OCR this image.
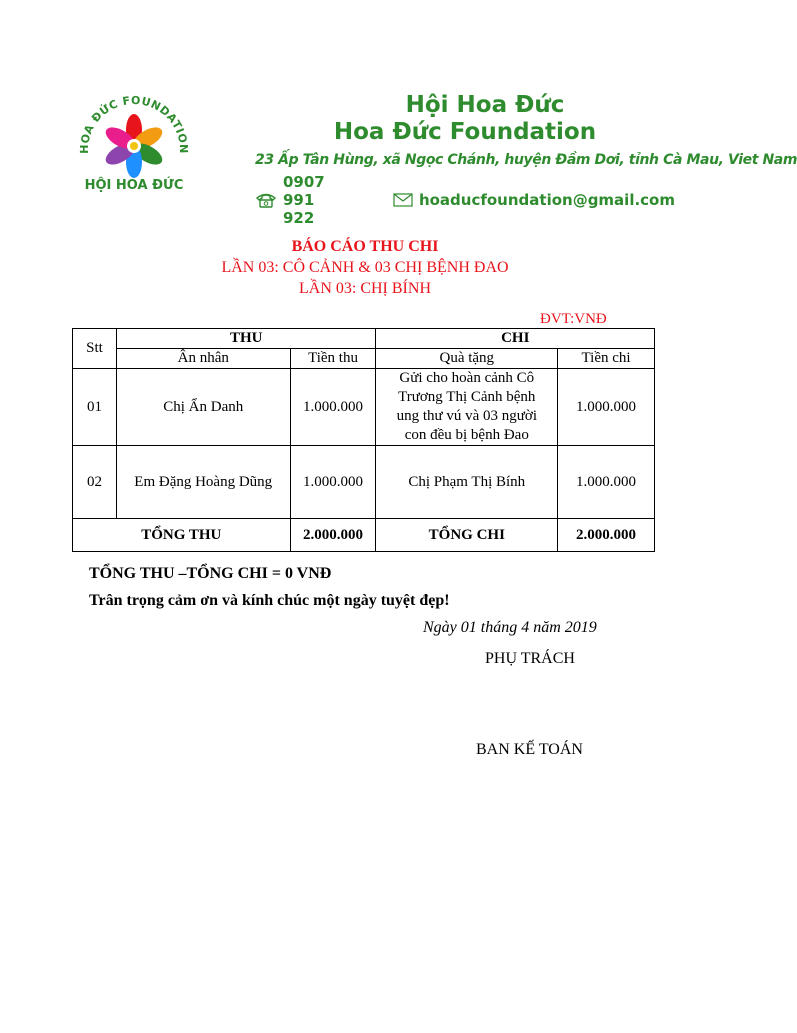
HOA ĐỨC FOUNDATION
HỘI HOA ĐỨC
Hội Hoa Đức
Hoa Đức Foundation
23 Ấp Tân Hùng, xã Ngọc Chánh, huyện Đầm Dơi, tỉnh Cà Mau, Viet Nam
0907 991 922
hoaducfoundation@gmail.com
BÁO CÁO THU CHI
LẦN 03: CÔ CẢNH & 03 CHỊ BỆNH ĐAO
LẦN 03: CHỊ BÍNH
ĐVT:VNĐ
Stt	THU		CHI	
	Ân nhân	Tiền thu	Quà tặng	Tiền chi
01	Chị Ẩn Danh	1.000.000	Gửi cho hoàn cảnh Cô
Trương Thị Cảnh bệnh
ung thư vú và 03 người
con đều bị bệnh Đao	1.000.000
02	Em Đặng Hoàng Dũng	1.000.000	Chị Phạm Thị Bính	1.000.000
TỔNG THU		2.000.000	TỔNG CHI	2.000.000
TỔNG THU –TỔNG CHI = 0 VNĐ
Trân trọng cảm ơn và kính chúc một ngày tuyệt đẹp!
Ngày 01 tháng 4 năm 2019
PHỤ TRÁCH
BAN KẾ TOÁN
